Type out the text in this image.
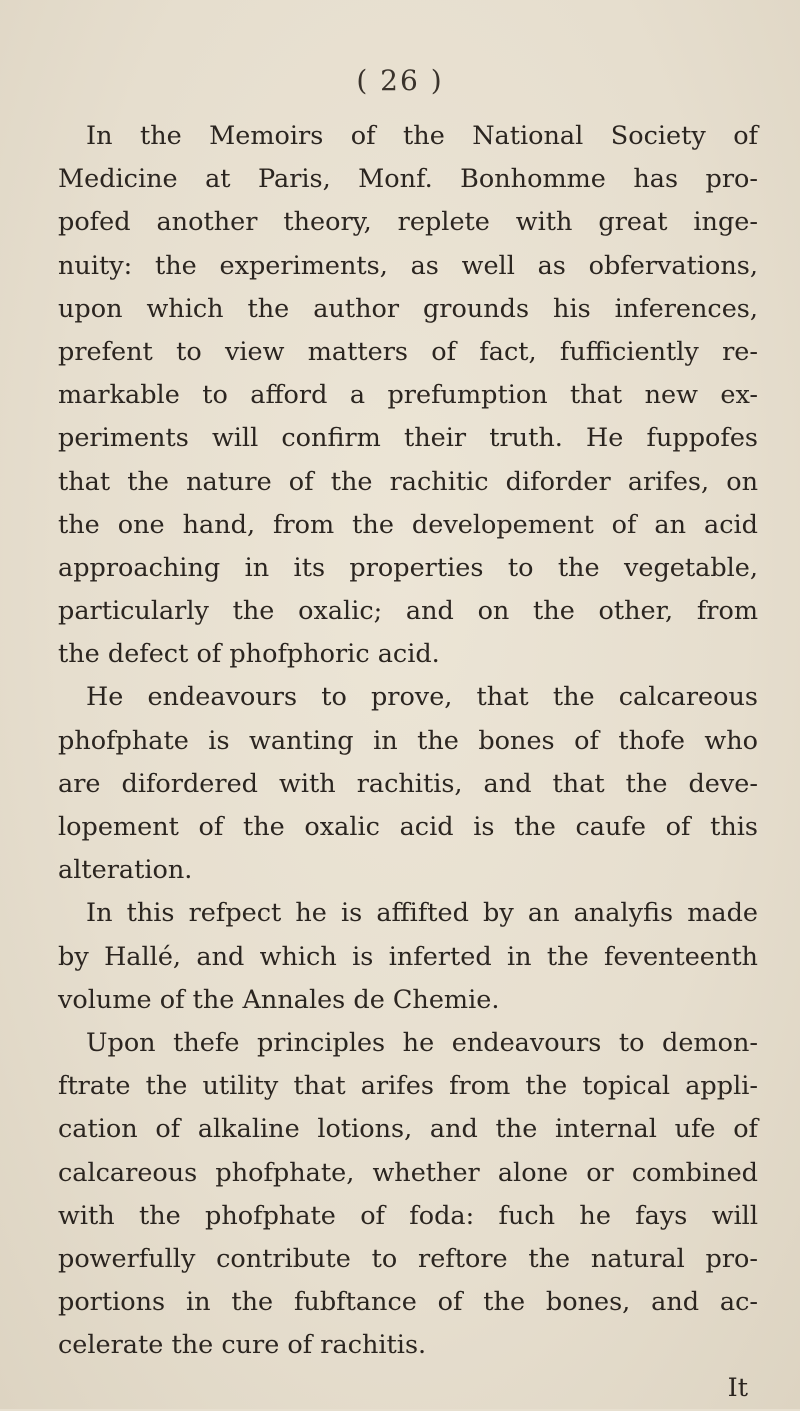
( 26 )
In the Memoirs of the National Society of
Medicine at Paris, Monf. Bonhomme has pro-
pofed another theory, replete with great inge-
nuity: the experiments, as well as obfervations,
upon which the author grounds his inferences,
prefent to view matters of fact, fufficiently re-
markable to afford a prefumption that new ex-
periments will confirm their truth. He fuppofes
that the nature of the rachitic diforder arifes, on
the one hand, from the developement of an acid
approaching in its properties to the vegetable,
particularly the oxalic; and on the other, from
the defect of phofphoric acid.
He endeavours to prove, that the calcareous
phofphate is wanting in the bones of thofe who
are difordered with rachitis, and that the deve-
lopement of the oxalic acid is the caufe of this
alteration.
In this refpect he is affifted by an analyfis made
by Hallé, and which is inferted in the feventeenth
volume of the Annales de Chemie.
Upon thefe principles he endeavours to demon-
ftrate the utility that arifes from the topical appli-
cation of alkaline lotions, and the internal ufe of
calcareous phofphate, whether alone or combined
with the phofphate of foda: fuch he fays will
powerfully contribute to reftore the natural pro-
portions in the fubftance of the bones, and ac-
celerate the cure of rachitis.
It
